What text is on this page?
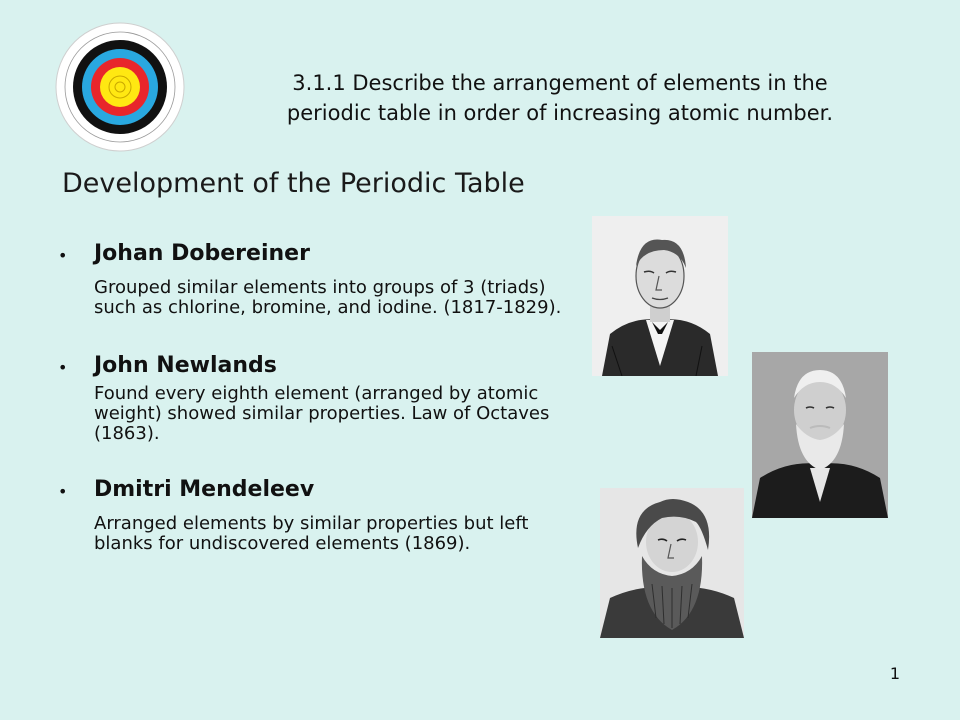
3.1.1 Describe the arrangement of elements in the
periodic table in order of increasing atomic number.
Development of the Periodic Table
• Johan Dobereiner
Grouped similar elements into groups of 3 (triads) such as chlorine, bromine, and iodine. (1817-1829).
• John Newlands
Found every eighth element (arranged by atomic weight) showed similar properties. Law of Octaves (1863).
• Dmitri Mendeleev
Arranged elements by similar properties but left blanks for undiscovered elements (1869).
1
